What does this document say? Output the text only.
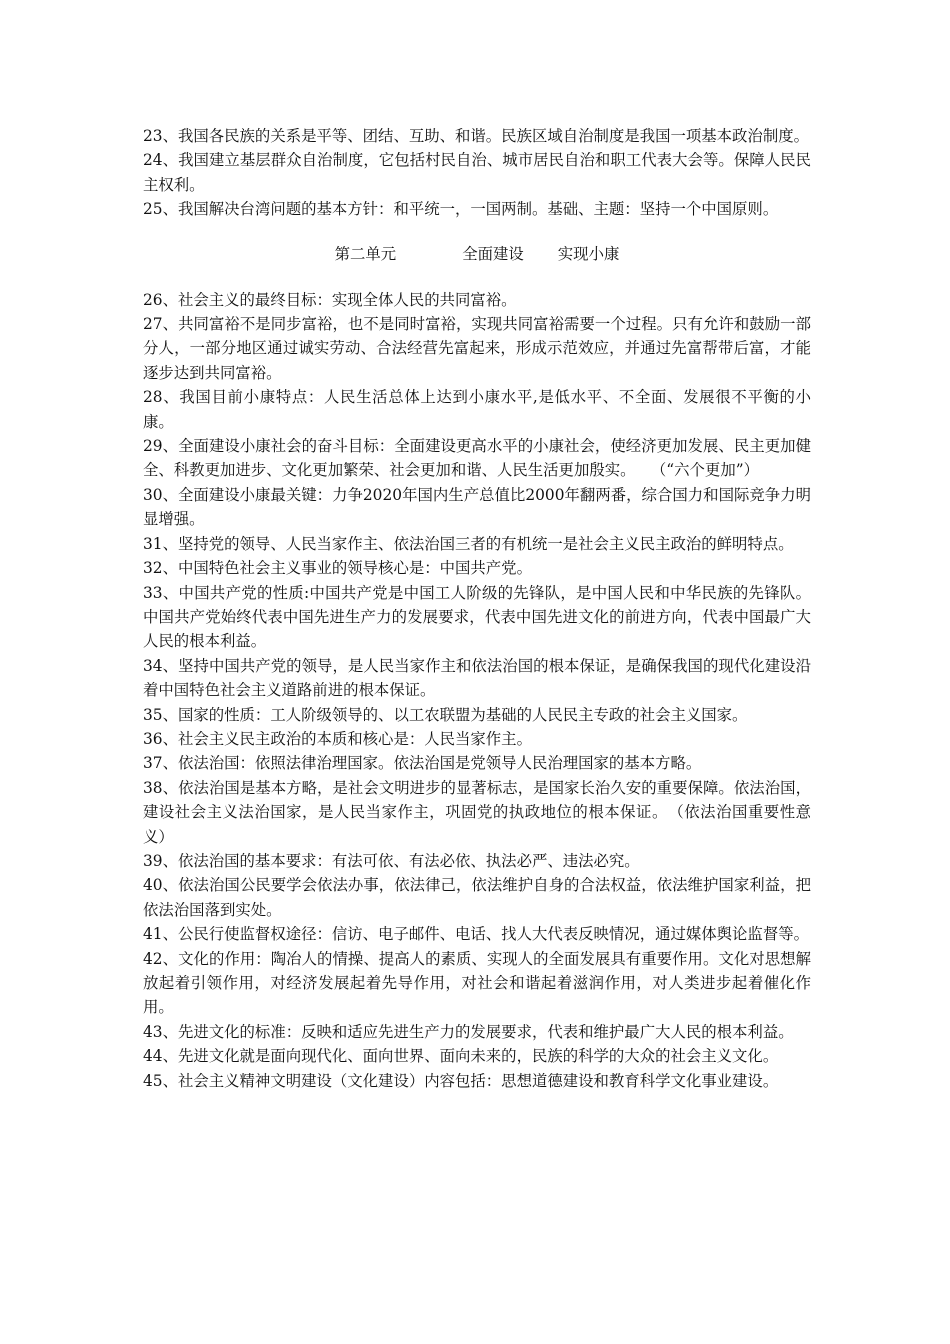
23、我国各民族的关系是平等、团结、互助、和谐。民族区域自治制度是我国一项基本政治制度。

24、我国建立基层群众自治制度，它包括村民自治、城市居民自治和职工代表大会等。保障人民民主权利。

25、我国解决台湾问题的基本方针：和平统一，一国两制。基础、主题：坚持一个中国原则。

第二单元	全面建设 实现小康

26、社会主义的最终目标：实现全体人民的共同富裕。

27、共同富裕不是同步富裕，也不是同时富裕，实现共同富裕需要一个过程。只有允许和鼓励一部分人，一部分地区通过诚实劳动、合法经营先富起来，形成示范效应，并通过先富帮带后富，才能逐步达到共同富裕。

28、我国目前小康特点：人民生活总体上达到小康水平,是低水平、不全面、发展很不平衡的小康。

29、全面建设小康社会的奋斗目标：全面建设更高水平的小康社会，使经济更加发展、民主更加健全、科教更加进步、文化更加繁荣、社会更加和谐、人民生活更加殷实。　　（“六个更加”）

30、全面建设小康最关键：力争2020年国内生产总值比2000年翻两番，综合国力和国际竞争力明显增强。

31、坚持党的领导、人民当家作主、依法治国三者的有机统一是社会主义民主政治的鲜明特点。

32、中国特色社会主义事业的领导核心是：中国共产党。

33、中国共产党的性质:中国共产党是中国工人阶级的先锋队，是中国人民和中华民族的先锋队。中国共产党始终代表中国先进生产力的发展要求，代表中国先进文化的前进方向，代表中国最广大人民的根本利益。

34、坚持中国共产党的领导，是人民当家作主和依法治国的根本保证，是确保我国的现代化建设沿着中国特色社会主义道路前进的根本保证。

35、国家的性质：工人阶级领导的、以工农联盟为基础的人民民主专政的社会主义国家。

36、社会主义民主政治的本质和核心是：人民当家作主。

37、依法治国：依照法律治理国家。依法治国是党领导人民治理国家的基本方略。

38、依法治国是基本方略，是社会文明进步的显著标志，是国家长治久安的重要保障。依法治国，建设社会主义法治国家，是人民当家作主，巩固党的执政地位的根本保证。　（依法治国重要性意义）

39、依法治国的基本要求：有法可依、有法必依、执法必严、违法必究。

40、依法治国公民要学会依法办事，依法律己，依法维护自身的合法权益，依法维护国家利益，把依法治国落到实处。

41、公民行使监督权途径：信访、电子邮件、电话、找人大代表反映情况，通过媒体舆论监督等。

42、文化的作用：陶冶人的情操、提高人的素质、实现人的全面发展具有重要作用。文化对思想解放起着引领作用，对经济发展起着先导作用，对社会和谐起着滋润作用，对人类进步起着催化作用。

43、先进文化的标准：反映和适应先进生产力的发展要求，代表和维护最广大人民的根本利益。

44、先进文化就是面向现代化、面向世界、面向未来的，民族的科学的大众的社会主义文化。

45、社会主义精神文明建设（文化建设）内容包括：思想道德建设和教育科学文化事业建设。
